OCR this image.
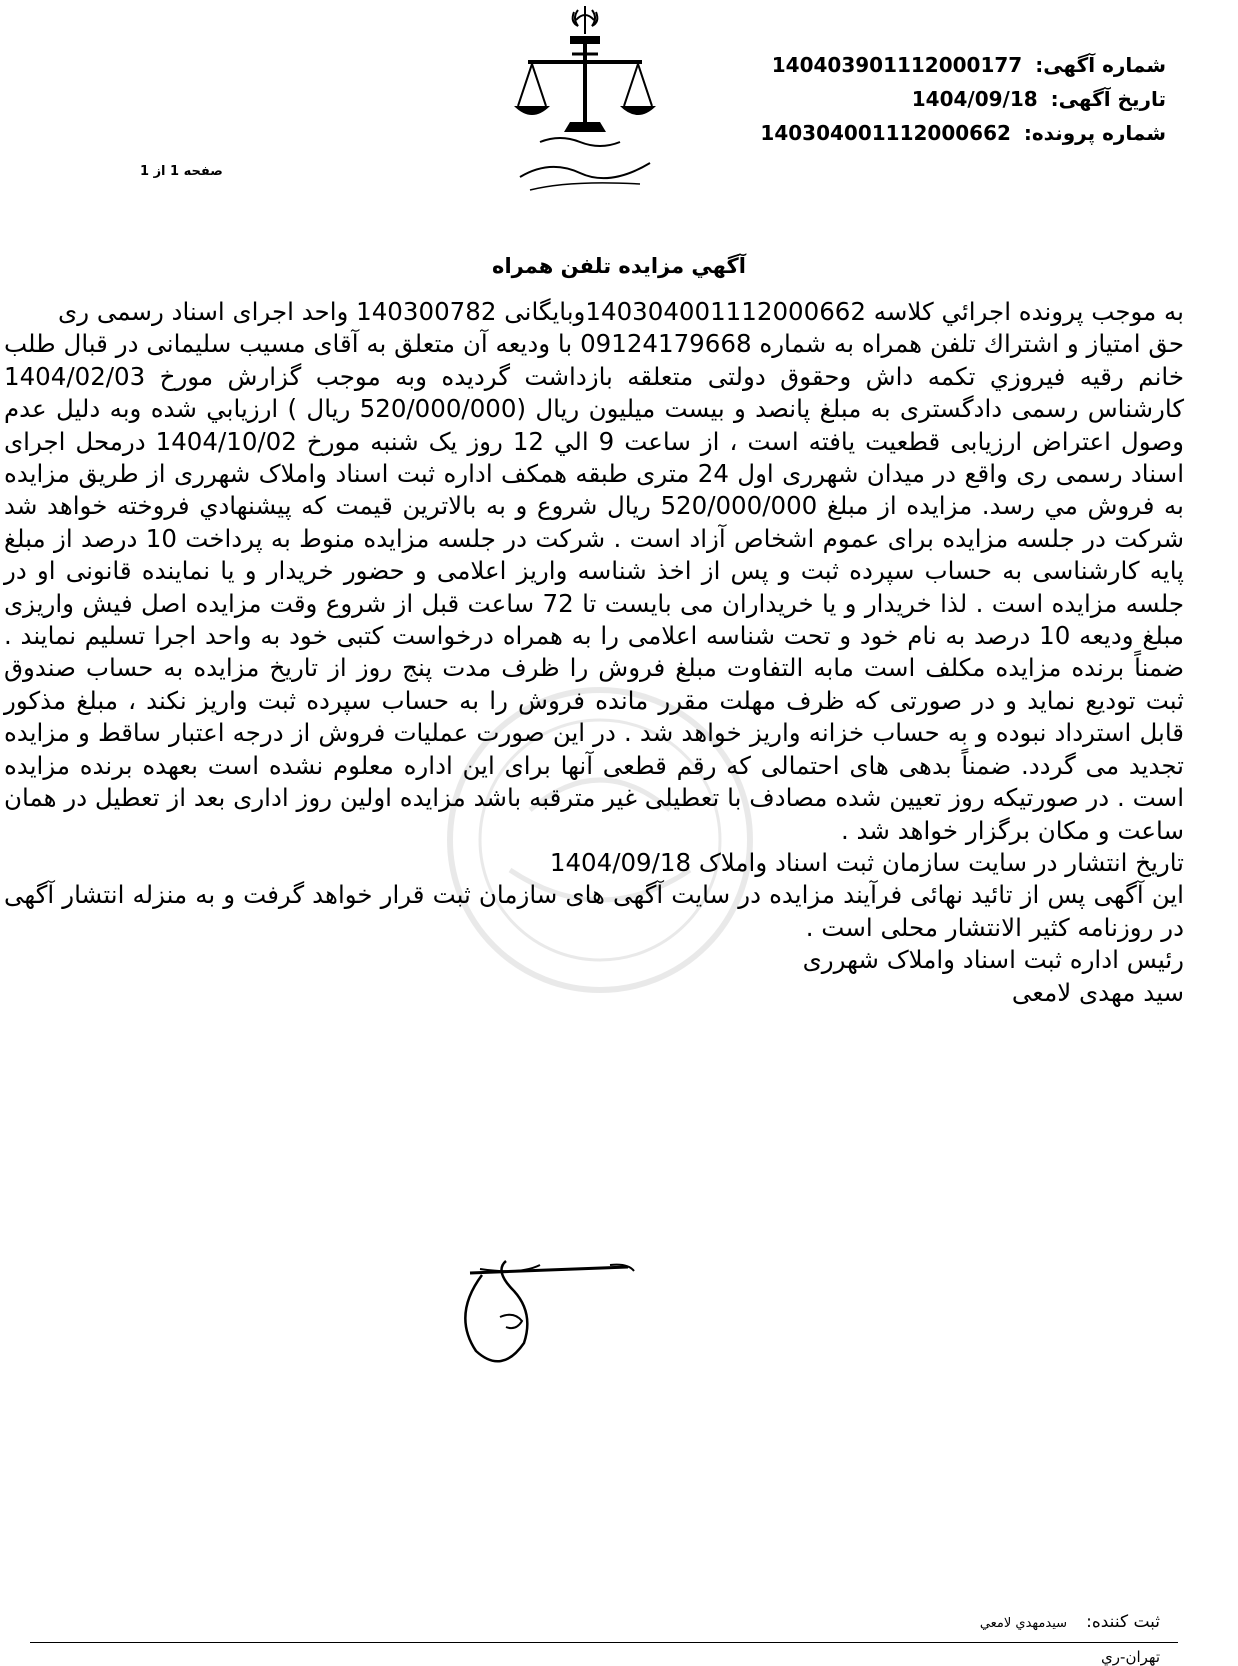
شماره آگهی: 140403901112000177
تاریخ آگهی: 1404/09/18
شماره پرونده: 140304001112000662
صفحه 1 از 1
آگهي مزايده تلفن همراه

به موجب پرونده اجرائي كلاسه 140304001112000662وبايگانی 140300782 واحد اجرای اسناد رسمی ری

حق امتياز و اشتراك تلفن همراه به شماره 09124179668 با وديعه آن متعلق به آقای مسيب سليمانی در قبال طلب خانم رقيه فيروزي تكمه داش وحقوق دولتی متعلقه بازداشت گرديده وبه موجب گزارش مورخ 1404/02/03 كارشناس رسمی دادگستری به مبلغ پانصد و بيست ميليون ريال (520/000/000 ريال ) ارزيابي شده وبه دليل عدم وصول اعتراض ارزيابی قطعيت يافته است ، از ساعت 9 الي 12 روز يک شنبه مورخ 1404/10/02 درمحل اجرای اسناد رسمی ری واقع در ميدان شهرری اول 24 متری طبقه همكف اداره ثبت اسناد واملاک شهرری از طريق مزايده به فروش مي رسد. مزايده از مبلغ 520/000/000 ريال شروع و به بالاترين قيمت كه پيشنهادي فروخته خواهد شد شركت در جلسه مزايده برای عموم اشخاص آزاد است . شركت در جلسه مزايده منوط به پرداخت 10 درصد از مبلغ پايه كارشناسی به حساب سپرده ثبت و پس از اخذ شناسه واريز اعلامی و حضور خريدار و يا نماينده قانونی او در جلسه مزايده است . لذا خريدار و يا خريداران می بايست تا 72 ساعت قبل از شروع وقت مزايده اصل فيش واريزی مبلغ وديعه 10 درصد به نام خود و تحت شناسه اعلامی را به همراه درخواست كتبی خود به واحد اجرا تسليم نمايند . ضمناً برنده مزايده مكلف است مابه التفاوت مبلغ فروش را ظرف مدت پنج روز از تاريخ مزايده به حساب صندوق ثبت توديع نمايد و در صورتی كه ظرف مهلت مقرر مانده فروش را به حساب سپرده ثبت واريز نكند ، مبلغ مذكور قابل استرداد نبوده و به حساب خزانه واريز خواهد شد . در اين صورت عمليات فروش از درجه اعتبار ساقط و مزايده تجديد می گردد. ضمناً بدهی های احتمالی كه رقم قطعی آنها برای اين اداره معلوم نشده است بعهده برنده مزايده است . در صورتيكه روز تعيين شده مصادف با تعطيلی غير مترقبه باشد مزايده اولين روز اداری بعد از تعطيل در همان ساعت و مكان برگزار خواهد شد .

تاريخ انتشار در سايت سازمان ثبت اسناد واملاک 1404/09/18

اين آگهی پس از تائيد نهائی فرآيند مزايده در سايت آگهی های سازمان ثبت قرار خواهد گرفت و به منزله انتشار آگهی در روزنامه كثير الانتشار محلی است .

رئيس اداره ثبت اسناد واملاک شهرری

سيد مهدی لامعی

ثبت کننده: سيدمهدي لامعي
تهران-ري
